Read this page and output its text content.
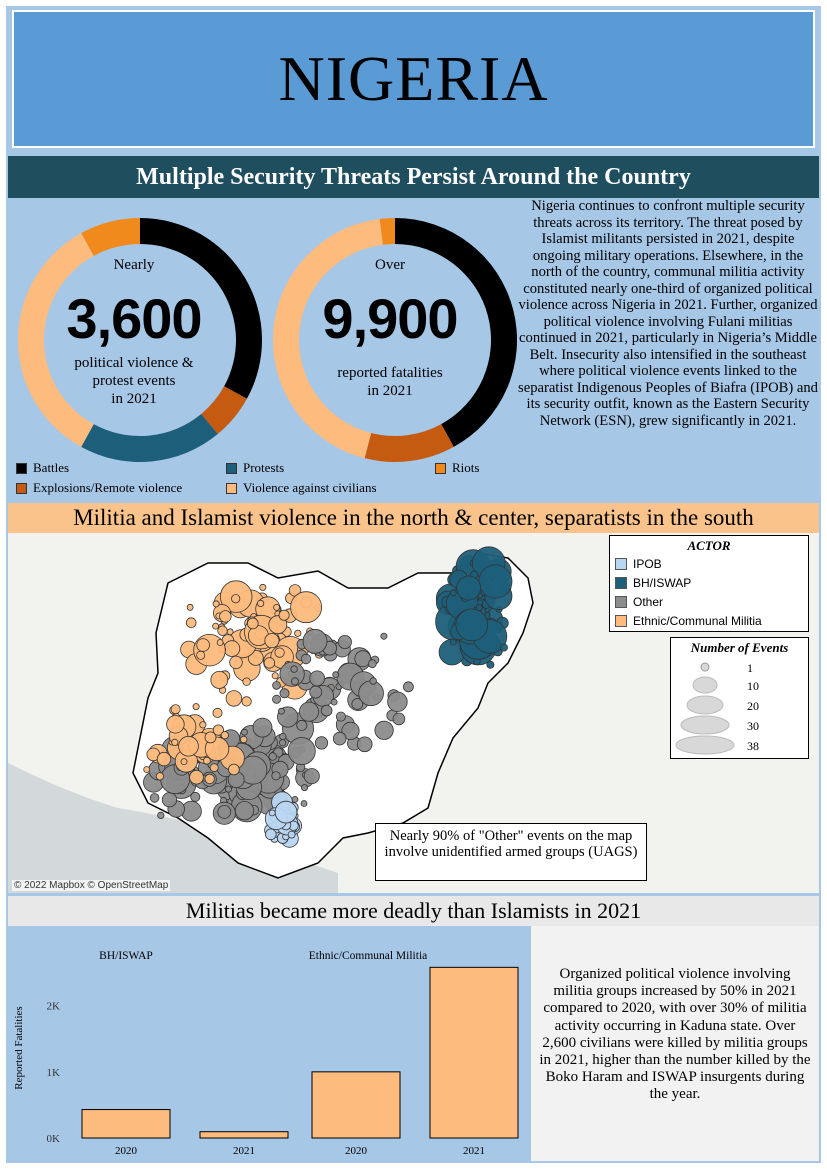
NIGERIA
Multiple Security Threats Persist Around the Country
Nearly
3,600
political violence &
protest events
in 2021
Over
9,900
reported fatalities
in 2021
Nigeria continues to confront multiple security threats across its territory. The threat posed by Islamist militants persisted in 2021, despite ongoing military operations. Elsewhere, in the north of the country, communal militia activity constituted nearly one-third of organized political violence across Nigeria in 2021. Further, organized political violence involving Fulani militias continued in 2021, particularly in Nigeria’s Middle Belt. Insecurity also intensified in the southeast where political violence events linked to the separatist Indigenous Peoples of Biafra (IPOB) and its security outfit, known as the Eastern Security Network (ESN), grew significantly in 2021.
Battles	Protests	Riots
Explosions/Remote violence	Violence against civilians
Militia and Islamist violence in the north & center, separatists in the south
© 2022 Mapbox © OpenStreetMap
ACTOR
IPOB
BH/ISWAP
Other
Ethnic/Communal Militia
Number of Events
1
10
20
30
38
Nearly 90% of "Other" events on the map involve unidentified armed groups (UAGS)
Militias became more deadly than Islamists in 2021
Reported Fatalities
0K
1K
2K
BH/ISWAP
2020	2021
Ethnic/Communal Militia
2020	2021
Organized political violence involving militia groups increased by 50% in 2021 compared to 2020, with over 30% of militia activity occurring in Kaduna state. Over 2,600 civilians were killed by militia groups in 2021, higher than the number killed by the Boko Haram and ISWAP insurgents during the year.
